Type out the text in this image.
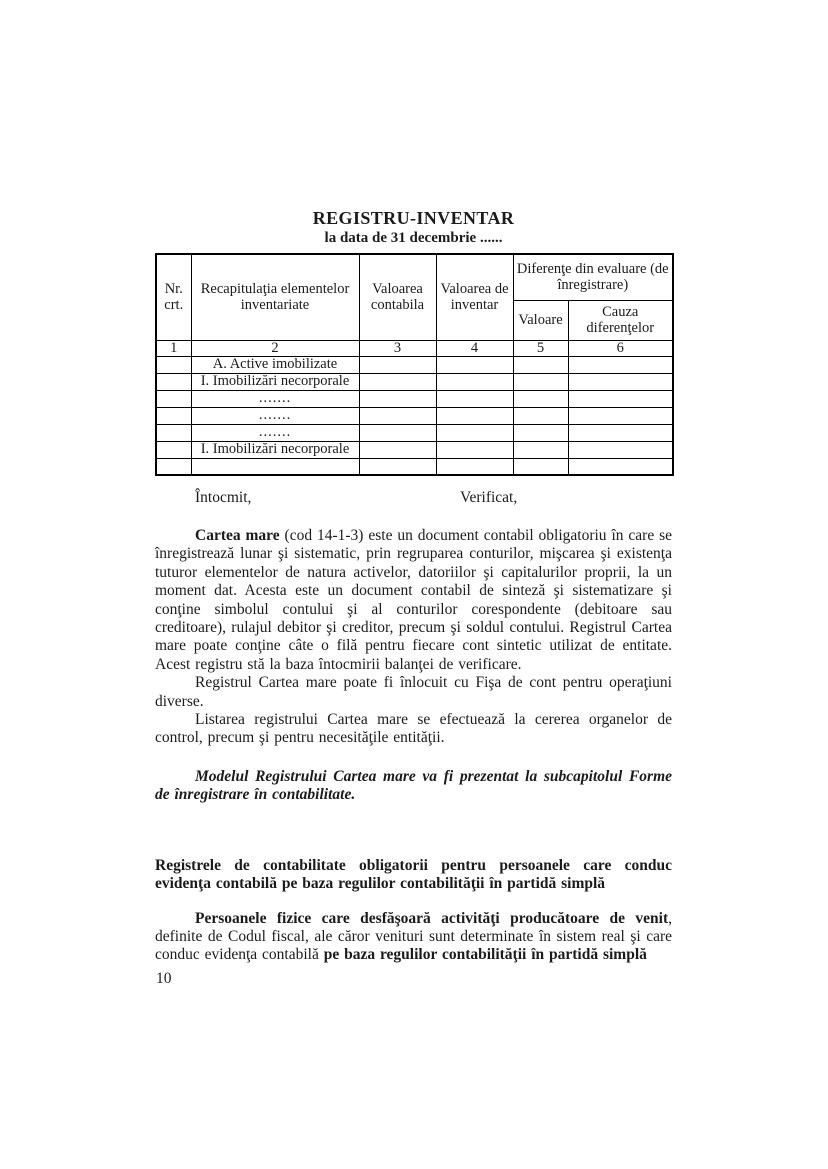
REGISTRU-INVENTAR
la data de 31 decembrie ......
Nr. crt.	Recapitulaţia elementelor inventariate	Valoarea contabila	Valoarea de inventar	Diferenţe din evaluare (de înregistrare)	
				Valoare	Cauza diferenţelor
1	2	3	4	5	6
	A. Active imobilizate				
	I. Imobilizări necorporale				
	.......				
	.......				
	.......				
	I. Imobilizări necorporale				

Întocmit,	Verificat,

Cartea mare (cod 14-1-3) este un document contabil obligatoriu în care se înregistrează lunar şi sistematic, prin regruparea conturilor, mişcarea şi existenţa tuturor elementelor de natura activelor, datoriilor şi capitalurilor proprii, la un moment dat. Acesta este un document contabil de sinteză şi sistematizare şi conţine simbolul contului şi al conturilor corespondente (debitoare sau creditoare), rulajul debitor şi creditor, precum şi soldul contului. Registrul Cartea mare poate conţine câte o filă pentru fiecare cont sintetic utilizat de entitate. Acest registru stă la baza întocmirii balanţei de verificare.

Registrul Cartea mare poate fi înlocuit cu Fişa de cont pentru operaţiuni diverse.

Listarea registrului Cartea mare se efectuează la cererea organelor de control, precum şi pentru necesităţile entităţii.

Modelul Registrului Cartea mare va fi prezentat la subcapitolul Forme de înregistrare în contabilitate.

Registrele de contabilitate obligatorii pentru persoanele care conduc evidenţa contabilă pe baza regulilor contabilităţii în partidă simplă

Persoanele fizice care desfăşoară activităţi producătoare de venit, definite de Codul fiscal, ale căror venituri sunt determinate în sistem real şi care conduc evidenţa contabilă pe baza regulilor contabilităţii în partidă simplă

10
